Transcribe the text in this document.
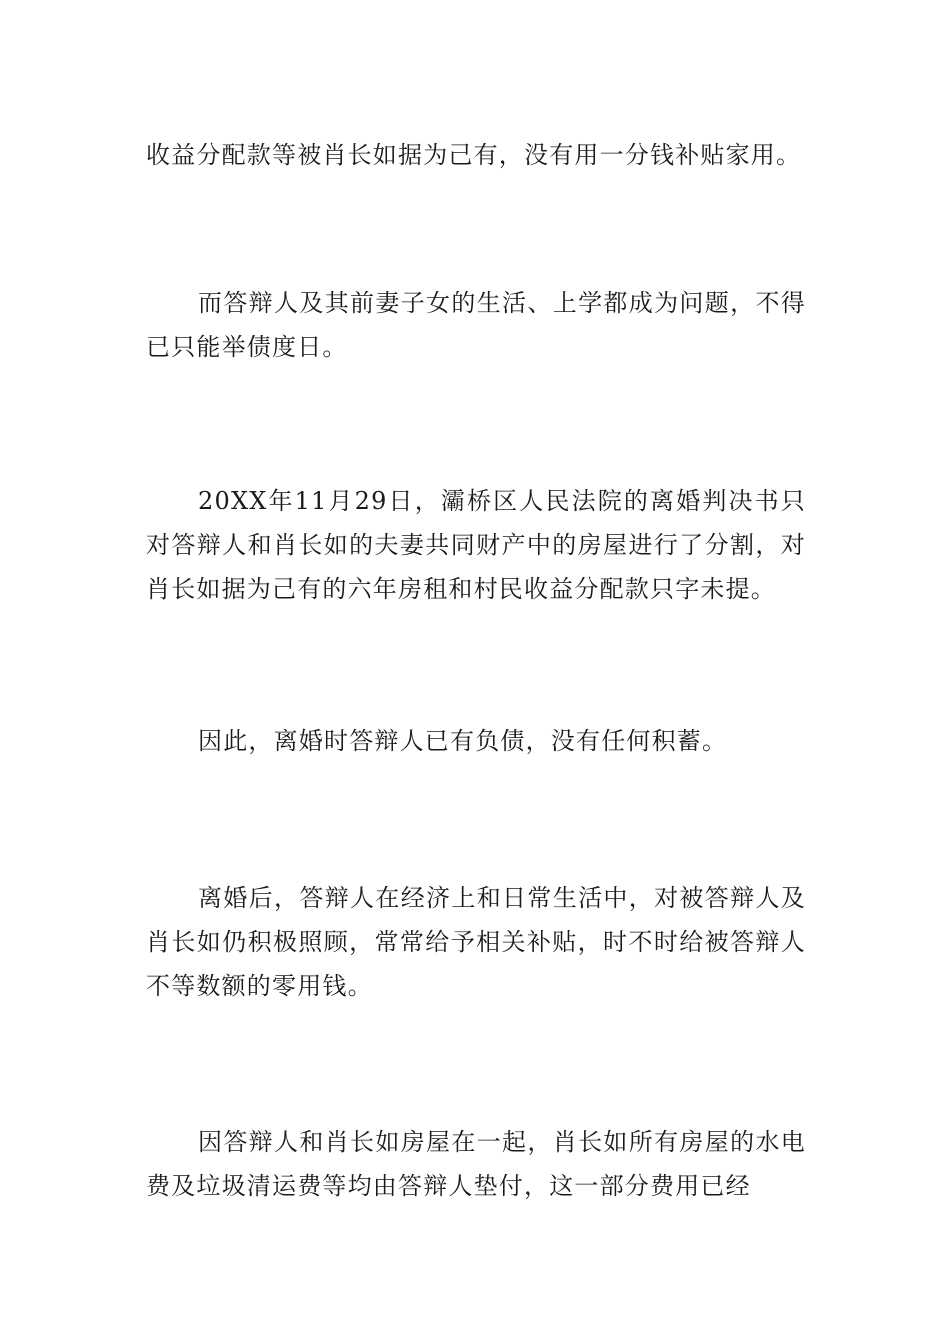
收益分配款等被肖长如据为己有，没有用一分钱补贴家用。

而答辩人及其前妻子女的生活、上学都成为问题，不得已只能举债度日。

20XX年11月29日，灞桥区人民法院的离婚判决书只对答辩人和肖长如的夫妻共同财产中的房屋进行了分割，对肖长如据为己有的六年房租和村民收益分配款只字未提。

因此，离婚时答辩人已有负债，没有任何积蓄。

离婚后，答辩人在经济上和日常生活中，对被答辩人及肖长如仍积极照顾，常常给予相关补贴，时不时给被答辩人不等数额的零用钱。

因答辩人和肖长如房屋在一起，肖长如所有房屋的水电费及垃圾清运费等均由答辩人垫付，这一部分费用已经
